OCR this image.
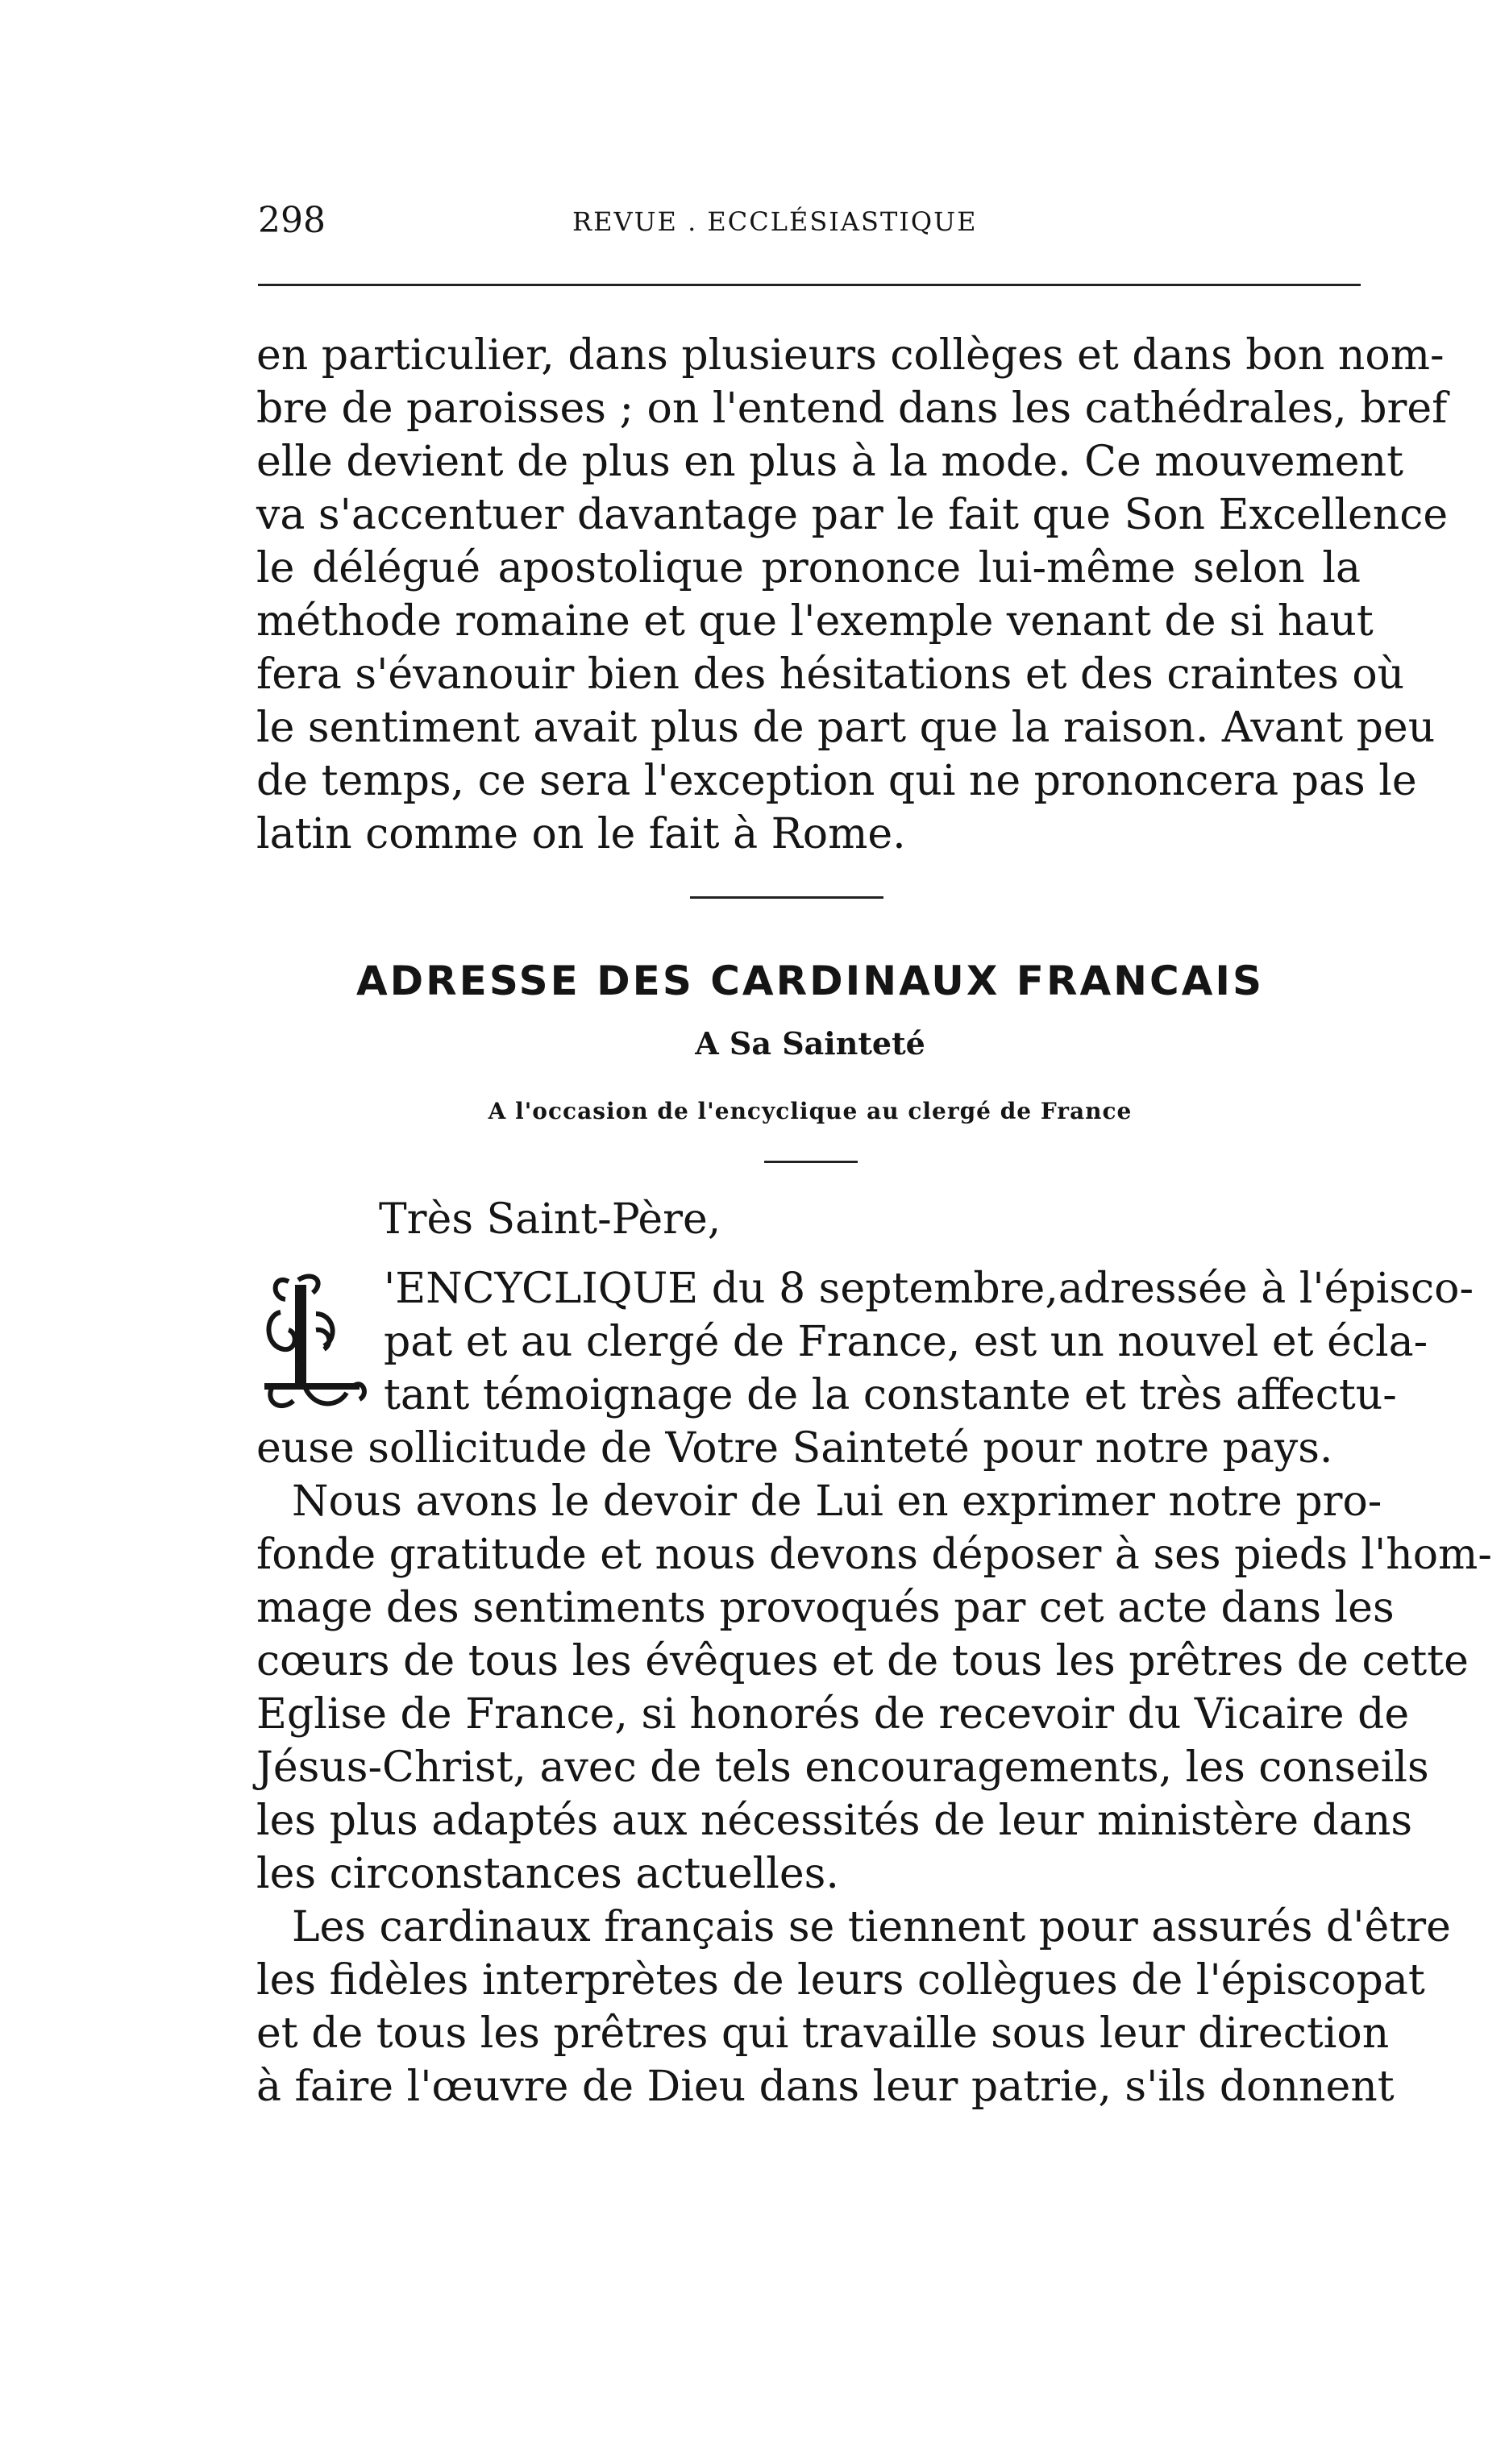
298	REVUE . ECCLÉSIASTIQUE
en particulier, dans plusieurs collèges et dans bon nom-
bre de paroisses ; on l'entend dans les cathédrales, bref
elle devient de plus en plus à la mode. Ce mouvement
va s'accentuer davantage par le fait que Son Excellence
le délégué apostolique prononce lui-même selon la
méthode romaine et que l'exemple venant de si haut
fera s'évanouir bien des hésitations et des craintes où
le sentiment avait plus de part que la raison. Avant peu
de temps, ce sera l'exception qui ne prononcera pas le
latin comme on le fait à Rome.
ADRESSE DES CARDINAUX FRANCAIS
A Sa Sainteté
A l'occasion de l'encyclique au clergé de France
Très Saint-Père,
L
'ENCYCLIQUE du 8 septembre,adressée à l'épisco-
pat et au clergé de France, est un nouvel et écla-
tant témoignage de la constante et très affectu-
euse sollicitude de Votre Sainteté pour notre pays.
Nous avons le devoir de Lui en exprimer notre pro-
fonde gratitude et nous devons déposer à ses pieds l'hom-
mage des sentiments provoqués par cet acte dans les
cœurs de tous les évêques et de tous les prêtres de cette
Eglise de France, si honorés de recevoir du Vicaire de
Jésus-Christ, avec de tels encouragements, les conseils
les plus adaptés aux nécessités de leur ministère dans
les circonstances actuelles.
Les cardinaux français se tiennent pour assurés d'être
les fidèles interprètes de leurs collègues de l'épiscopat
et de tous les prêtres qui travaille sous leur direction
à faire l'œuvre de Dieu dans leur patrie, s'ils donnent
